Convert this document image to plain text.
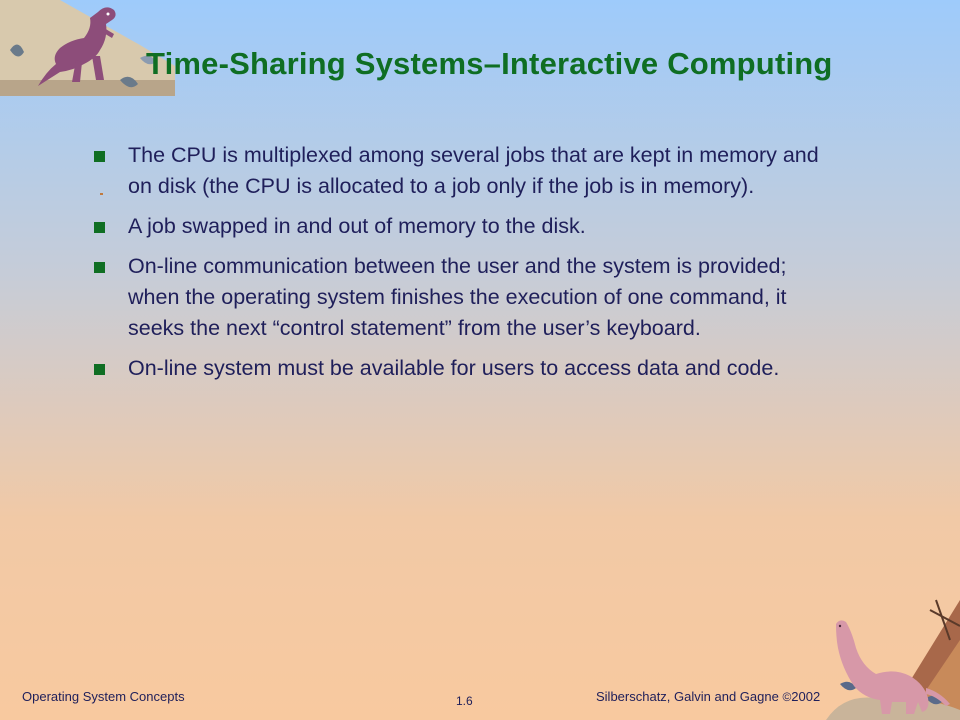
Time-Sharing Systems–Interactive Computing
The CPU is multiplexed among several jobs that are kept in memory and on disk (the CPU is allocated to a job only if the job is in memory).
A job swapped in and out of memory to the disk.
On-line communication between the user and the system is provided; when the operating system finishes the execution of one command, it seeks the next “control statement” from the user’s keyboard.
On-line system must be available for users to access data and code.
Operating System Concepts	1.6	Silberschatz, Galvin and Gagne ©2002
